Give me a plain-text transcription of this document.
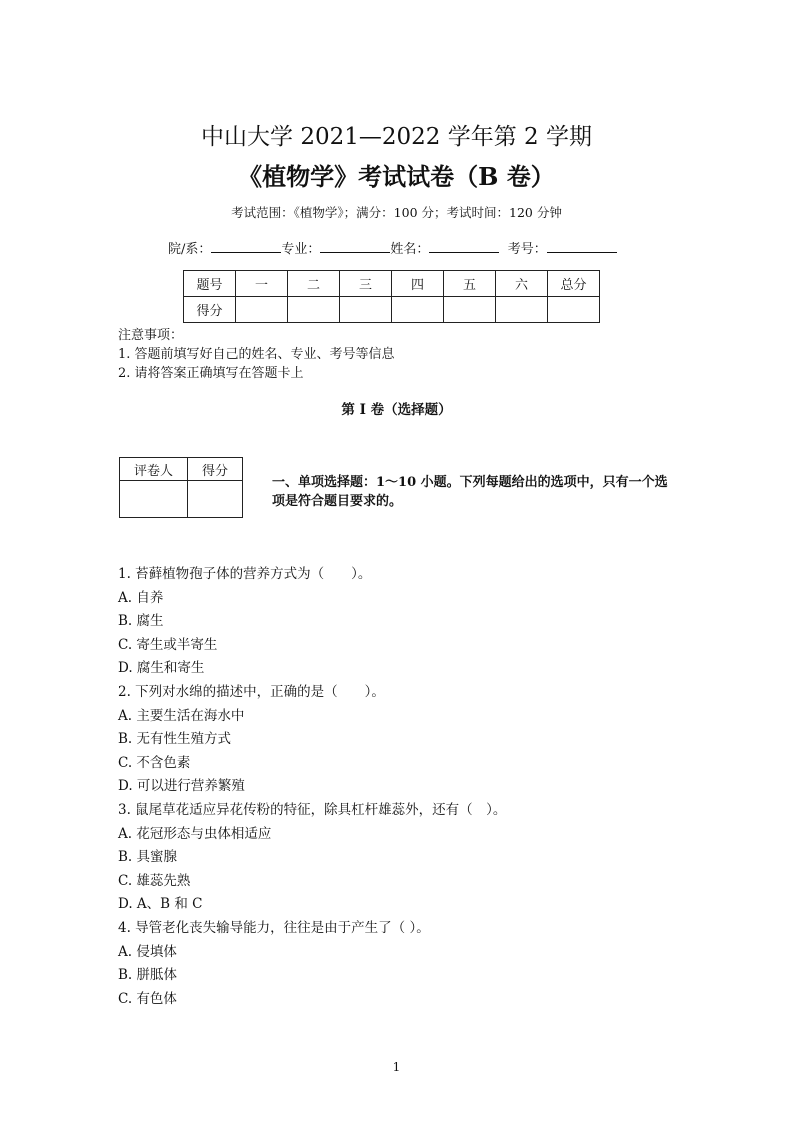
中山大学 2021—2022 学年第 2 学期
《植物学》考试试卷（B 卷）
考试范围：《植物学》；满分：100 分；考试时间：120 分钟
院/系：	专业：	姓名：	考号：
题号	一	二	三	四	五	六	总分
得分							
注意事项：
1. 答题前填写好自己的姓名、专业、考号等信息
2. 请将答案正确填写在答题卡上
第 I 卷（选择题）
评卷人	得分

一、单项选择题：1～10 小题。下列每题给出的选项中，只有一个选项是符合题目要求的。
1. 苔藓植物孢子体的营养方式为（　　）。
A. 自养
B. 腐生
C. 寄生或半寄生
D. 腐生和寄生
2. 下列对水绵的描述中，正确的是（　　）。
A. 主要生活在海水中
B. 无有性生殖方式
C. 不含色素
D. 可以进行营养繁殖
3. 鼠尾草花适应异花传粉的特征，除具杠杆雄蕊外，还有（　）。
A. 花冠形态与虫体相适应
B. 具蜜腺
C. 雄蕊先熟
D. A、B 和 C
4. 导管老化丧失输导能力，往往是由于产生了（ ）。
A. 侵填体
B. 胼胝体
C. 有色体
1
